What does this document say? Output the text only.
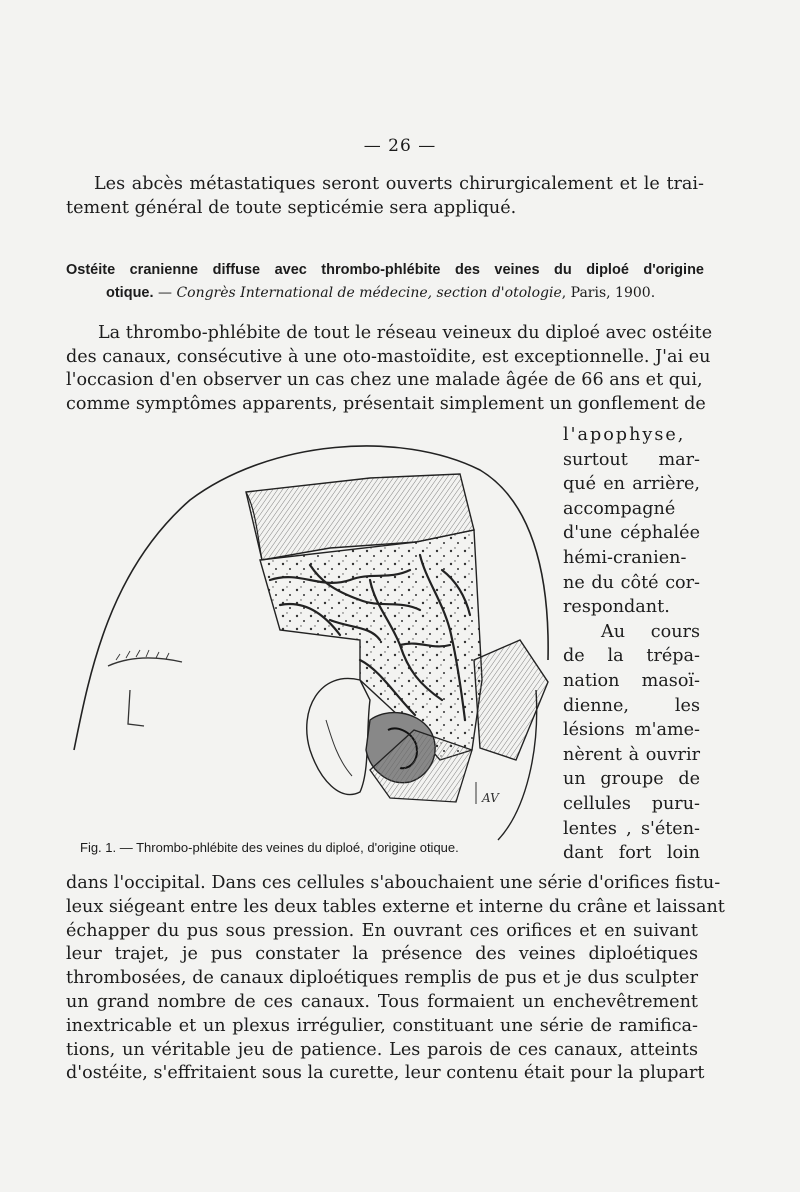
— 26 —

Les abcès métastatiques seront ouverts chirurgicalement et le trai-
tement général de toute septicémie sera appliqué.

Ostéite cranienne diffuse avec thrombo-phlébite des veines du diploé d'origine
otique. — Congrès International de médecine, section d'otologie, Paris, 1900.

La thrombo-phlébite de tout le réseau veineux du diploé avec ostéite
des canaux, consécutive à une oto-mastoïdite, est exceptionnelle. J'ai eu
l'occasion d'en observer un cas chez une malade âgée de 66 ans et qui,
comme symptômes apparents, présentait simplement un gonflement de

l'apophyse,
surtout mar-
qué en arrière,
accompagné
d'une céphalée
hémi-cranien-
ne du côté cor-
respondant.
Au cours
de la trépa-
nation masoï-
dienne, les
lésions m'ame-
nèrent à ouvrir
un groupe de
cellules puru-
lentes , s'éten-
dant fort loin

AV

Fig. 1. — Thrombo-phlébite des veines du diploé, d'origine otique.

dans l'occipital. Dans ces cellules s'abouchaient une série d'orifices fistu-
leux siégeant entre les deux tables externe et interne du crâne et laissant
échapper du pus sous pression. En ouvrant ces orifices et en suivant
leur trajet, je pus constater la présence des veines diploétiques
thrombosées, de canaux diploétiques remplis de pus et je dus sculpter
un grand nombre de ces canaux. Tous formaient un enchevêtrement
inextricable et un plexus irrégulier, constituant une série de ramifica-
tions, un véritable jeu de patience. Les parois de ces canaux, atteints
d'ostéite, s'effritaient sous la curette, leur contenu était pour la plupart
